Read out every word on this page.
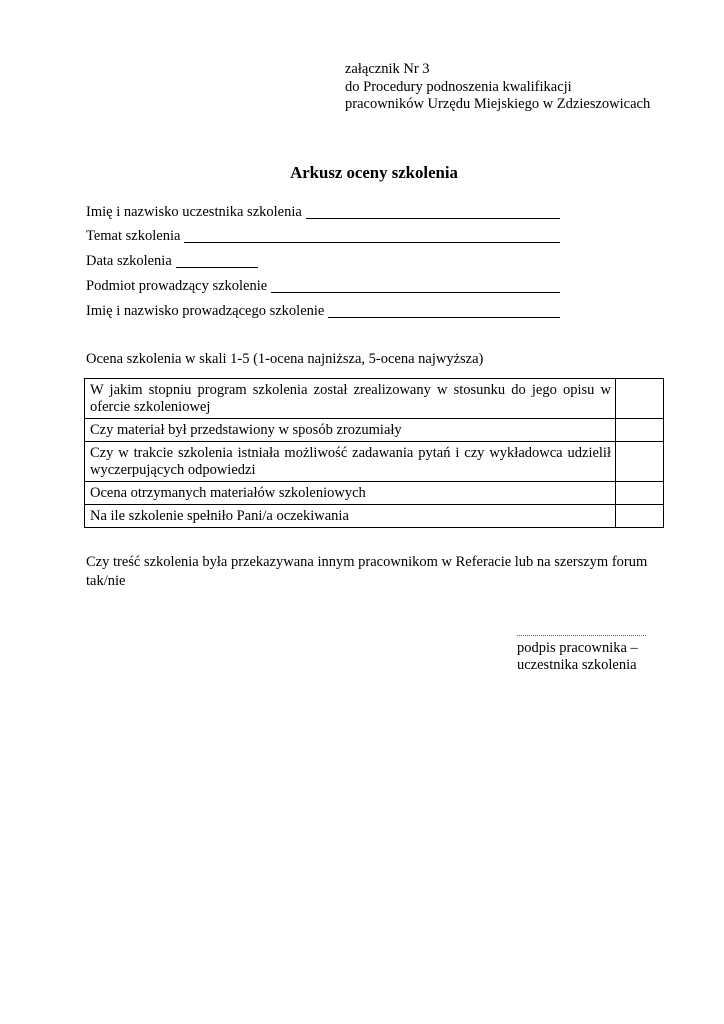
załącznik Nr 3
do Procedury podnoszenia kwalifikacji
pracowników Urzędu Miejskiego w Zdzieszowicach
Arkusz oceny szkolenia
Imię i nazwisko uczestnika szkolenia
Temat szkolenia
Data szkolenia
Podmiot prowadzący szkolenie
Imię i nazwisko prowadzącego szkolenie
Ocena szkolenia w skali 1-5 (1-ocena najniższa, 5-ocena najwyższa)
W jakim stopniu program szkolenia został zrealizowany w stosunku do jego opisu w ofercie szkoleniowej	
Czy materiał był przedstawiony w sposób zrozumiały	
Czy w trakcie szkolenia istniała możliwość zadawania pytań i czy wykładowca udzielił wyczerpujących odpowiedzi	
Ocena otrzymanych materiałów szkoleniowych	
Na ile szkolenie spełniło Pani/a oczekiwania	
Czy treść szkolenia była przekazywana innym pracownikom w Referacie lub na szerszym forum
tak/nie
podpis pracownika –
uczestnika szkolenia
